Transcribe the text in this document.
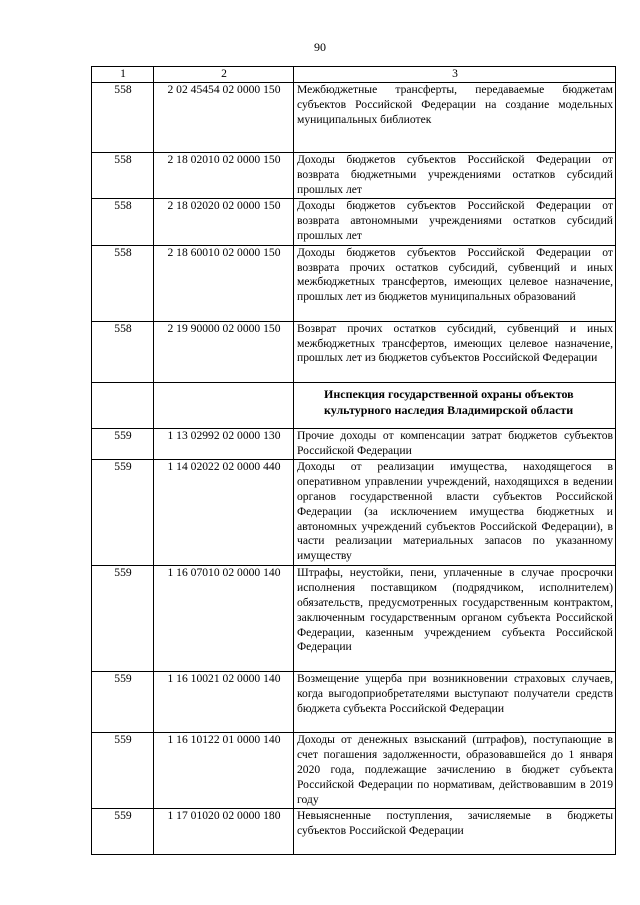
90
1	2	3
558	2 02 45454 02 0000 150	Межбюджетные трансферты, передаваемые бюджетам субъектов Российской Федерации на создание модельных муниципальных библиотек
558	2 18 02010 02 0000 150	Доходы бюджетов субъектов Российской Федерации от возврата бюджетными учреждениями остатков субсидий прошлых лет
558	2 18 02020 02 0000 150	Доходы бюджетов субъектов Российской Федерации от возврата автономными учреждениями остатков субсидий прошлых лет
558	2 18 60010 02 0000 150	Доходы бюджетов субъектов Российской Федерации от возврата прочих остатков субсидий, субвенций и иных межбюджетных трансфертов, имеющих целевое назначение, прошлых лет из бюджетов муниципальных образований
558	2 19 90000 02 0000 150	Возврат прочих остатков субсидий, субвенций и иных межбюджетных трансфертов, имеющих целевое назначение, прошлых лет из бюджетов субъектов Российской Федерации
		Инспекция государственной охраны объектов культурного наследия Владимирской области
559	1 13 02992 02 0000 130	Прочие доходы от компенсации затрат бюджетов субъектов Российской Федерации
559	1 14 02022 02 0000 440	Доходы от реализации имущества, находящегося в оперативном управлении учреждений, находящихся в ведении органов государственной власти субъектов Российской Федерации (за исключением имущества бюджетных и автономных учреждений субъектов Российской Федерации), в части реализации материальных запасов по указанному имуществу
559	1 16 07010 02 0000 140	Штрафы, неустойки, пени, уплаченные в случае просрочки исполнения поставщиком (подрядчиком, исполнителем) обязательств, предусмотренных государственным контрактом, заключенным государственным органом субъекта Российской Федерации, казенным учреждением субъекта Российской Федерации
559	1 16 10021 02 0000 140	Возмещение ущерба при возникновении страховых случаев, когда выгодоприобретателями выступают получатели средств бюджета субъекта Российской Федерации
559	1 16 10122 01 0000 140	Доходы от денежных взысканий (штрафов), поступающие в счет погашения задолженности, образовавшейся до 1 января 2020 года, подлежащие зачислению в бюджет субъекта Российской Федерации по нормативам, действовавшим в 2019 году
559	1 17 01020 02 0000 180	Невыясненные поступления, зачисляемые в бюджеты субъектов Российской Федерации
